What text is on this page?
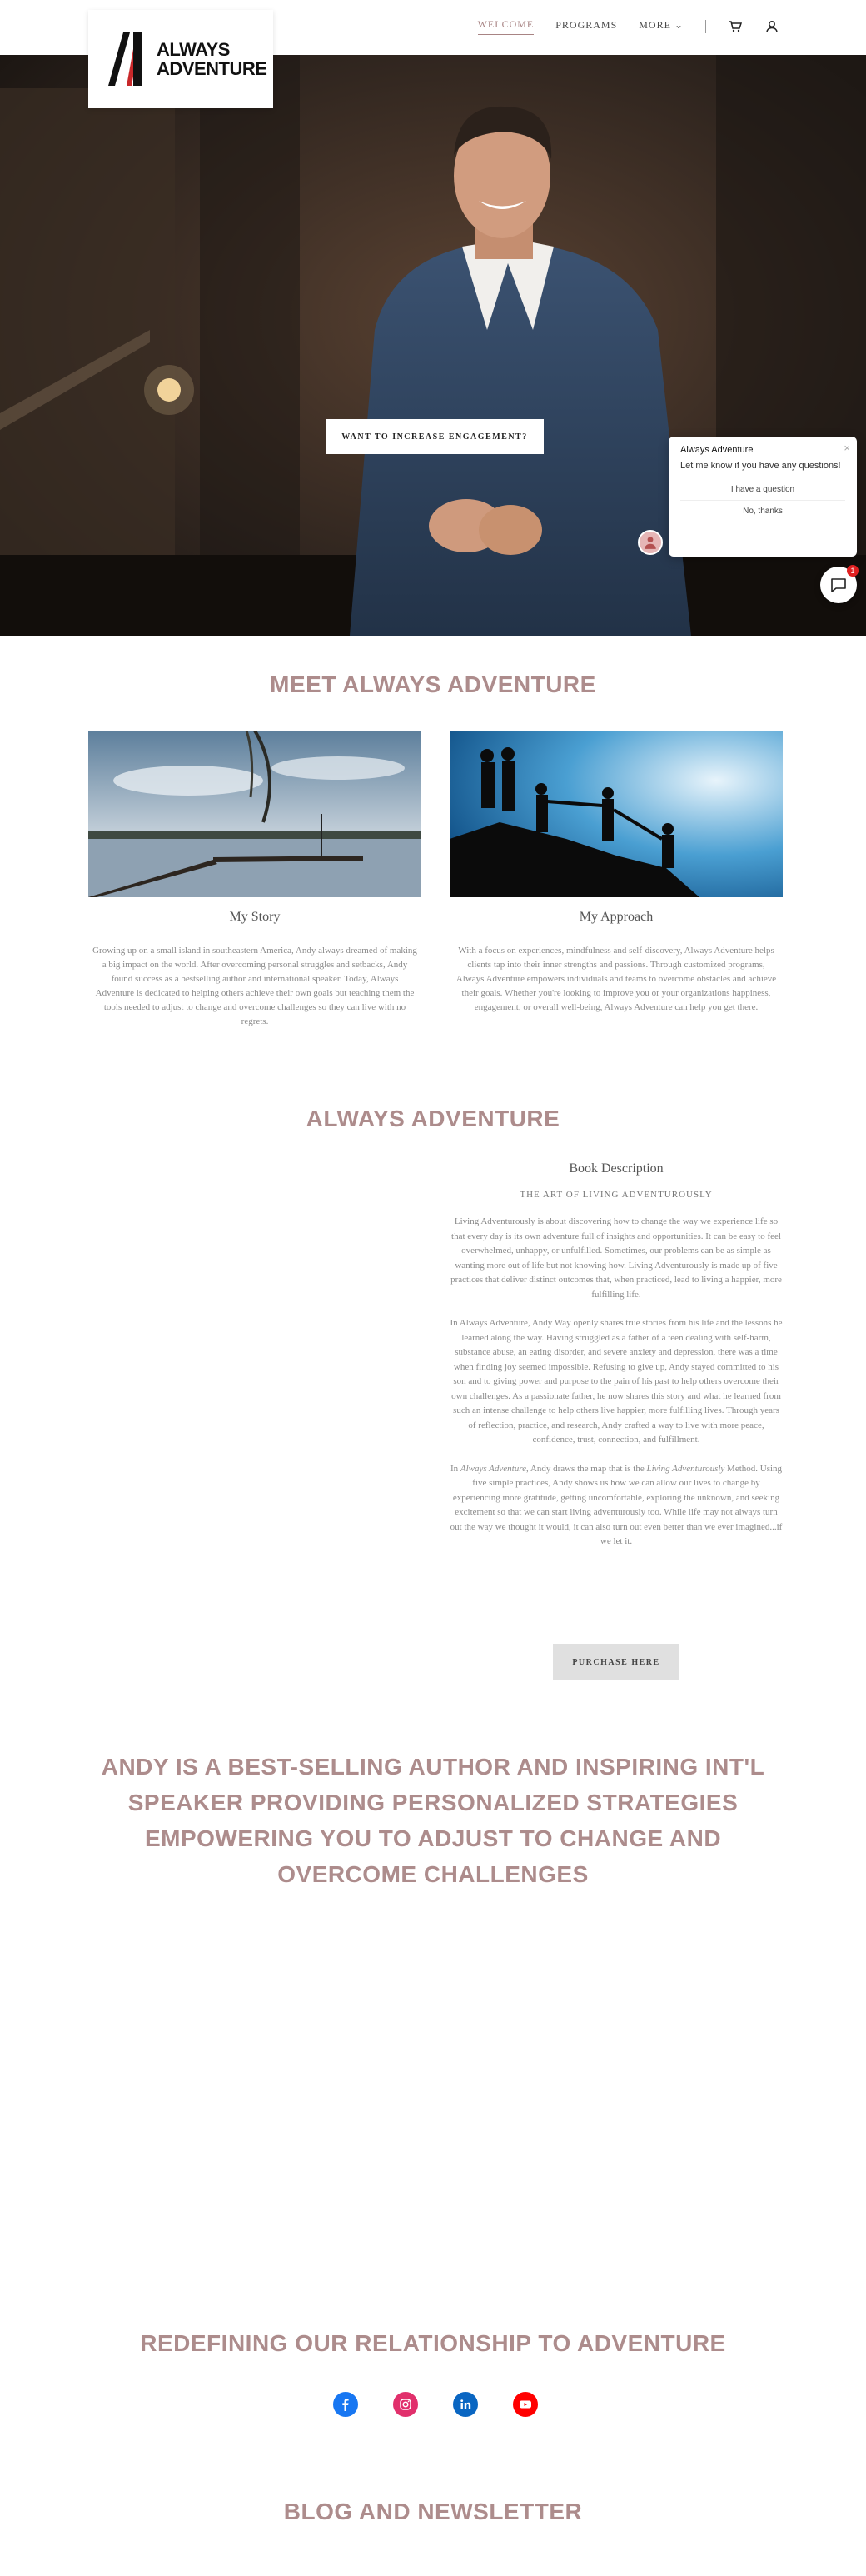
WELCOME PROGRAMS MORE ⌄
ALWAYS
ADVENTURE
WANT TO INCREASE ENGAGEMENT?
Always Adventure	×
Let me know if you have any questions!
I have a question
No, thanks
1
MEET ALWAYS ADVENTURE
My Story
Growing up on a small island in southeastern America, Andy always dreamed of making a big impact on the world. After overcoming personal struggles and setbacks, Andy found success as a bestselling author and international speaker. Today, Always Adventure is dedicated to helping others achieve their own goals but teaching them the tools needed to adjust to change and overcome challenges so they can live with no regrets.
My Approach
With a focus on experiences, mindfulness and self-discovery, Always Adventure helps clients tap into their inner strengths and passions. Through customized programs, Always Adventure empowers individuals and teams to overcome obstacles and achieve their goals. Whether you're looking to improve you or your organizations happiness, engagement, or overall well-being, Always Adventure can help you get there.
ALWAYS ADVENTURE
Book Description
THE ART OF LIVING ADVENTUROUSLY

Living Adventurously is about discovering how to change the way we experience life so that every day is its own adventure full of insights and opportunities. It can be easy to feel overwhelmed, unhappy, or unfulfilled. Sometimes, our problems can be as simple as wanting more out of life but not knowing how. Living Adventurously is made up of five practices that deliver distinct outcomes that, when practiced, lead to living a happier, more fulfilling life.

In Always Adventure, Andy Way openly shares true stories from his life and the lessons he learned along the way. Having struggled as a father of a teen dealing with self-harm, substance abuse, an eating disorder, and severe anxiety and depression, there was a time when finding joy seemed impossible. Refusing to give up, Andy stayed committed to his son and to giving power and purpose to the pain of his past to help others overcome their own challenges. As a passionate father, he now shares this story and what he learned from such an intense challenge to help others live happier, more fulfilling lives. Through years of reflection, practice, and research, Andy crafted a way to live with more peace, confidence, trust, connection, and fulfillment.

In Always Adventure, Andy draws the map that is the Living Adventurously Method. Using five simple practices, Andy shows us how we can allow our lives to change by experiencing more gratitude, getting uncomfortable, exploring the unknown, and seeking excitement so that we can start living adventurously too. While life may not always turn out the way we thought it would, it can also turn out even better than we ever imagined...if we let it.

PURCHASE HERE
ANDY IS A BEST-SELLING AUTHOR AND INSPIRING INT'L SPEAKER PROVIDING PERSONALIZED STRATEGIES EMPOWERING YOU TO ADJUST TO CHANGE AND OVERCOME CHALLENGES
REDEFINING OUR RELATIONSHIP TO ADVENTURE
BLOG AND NEWSLETTER
